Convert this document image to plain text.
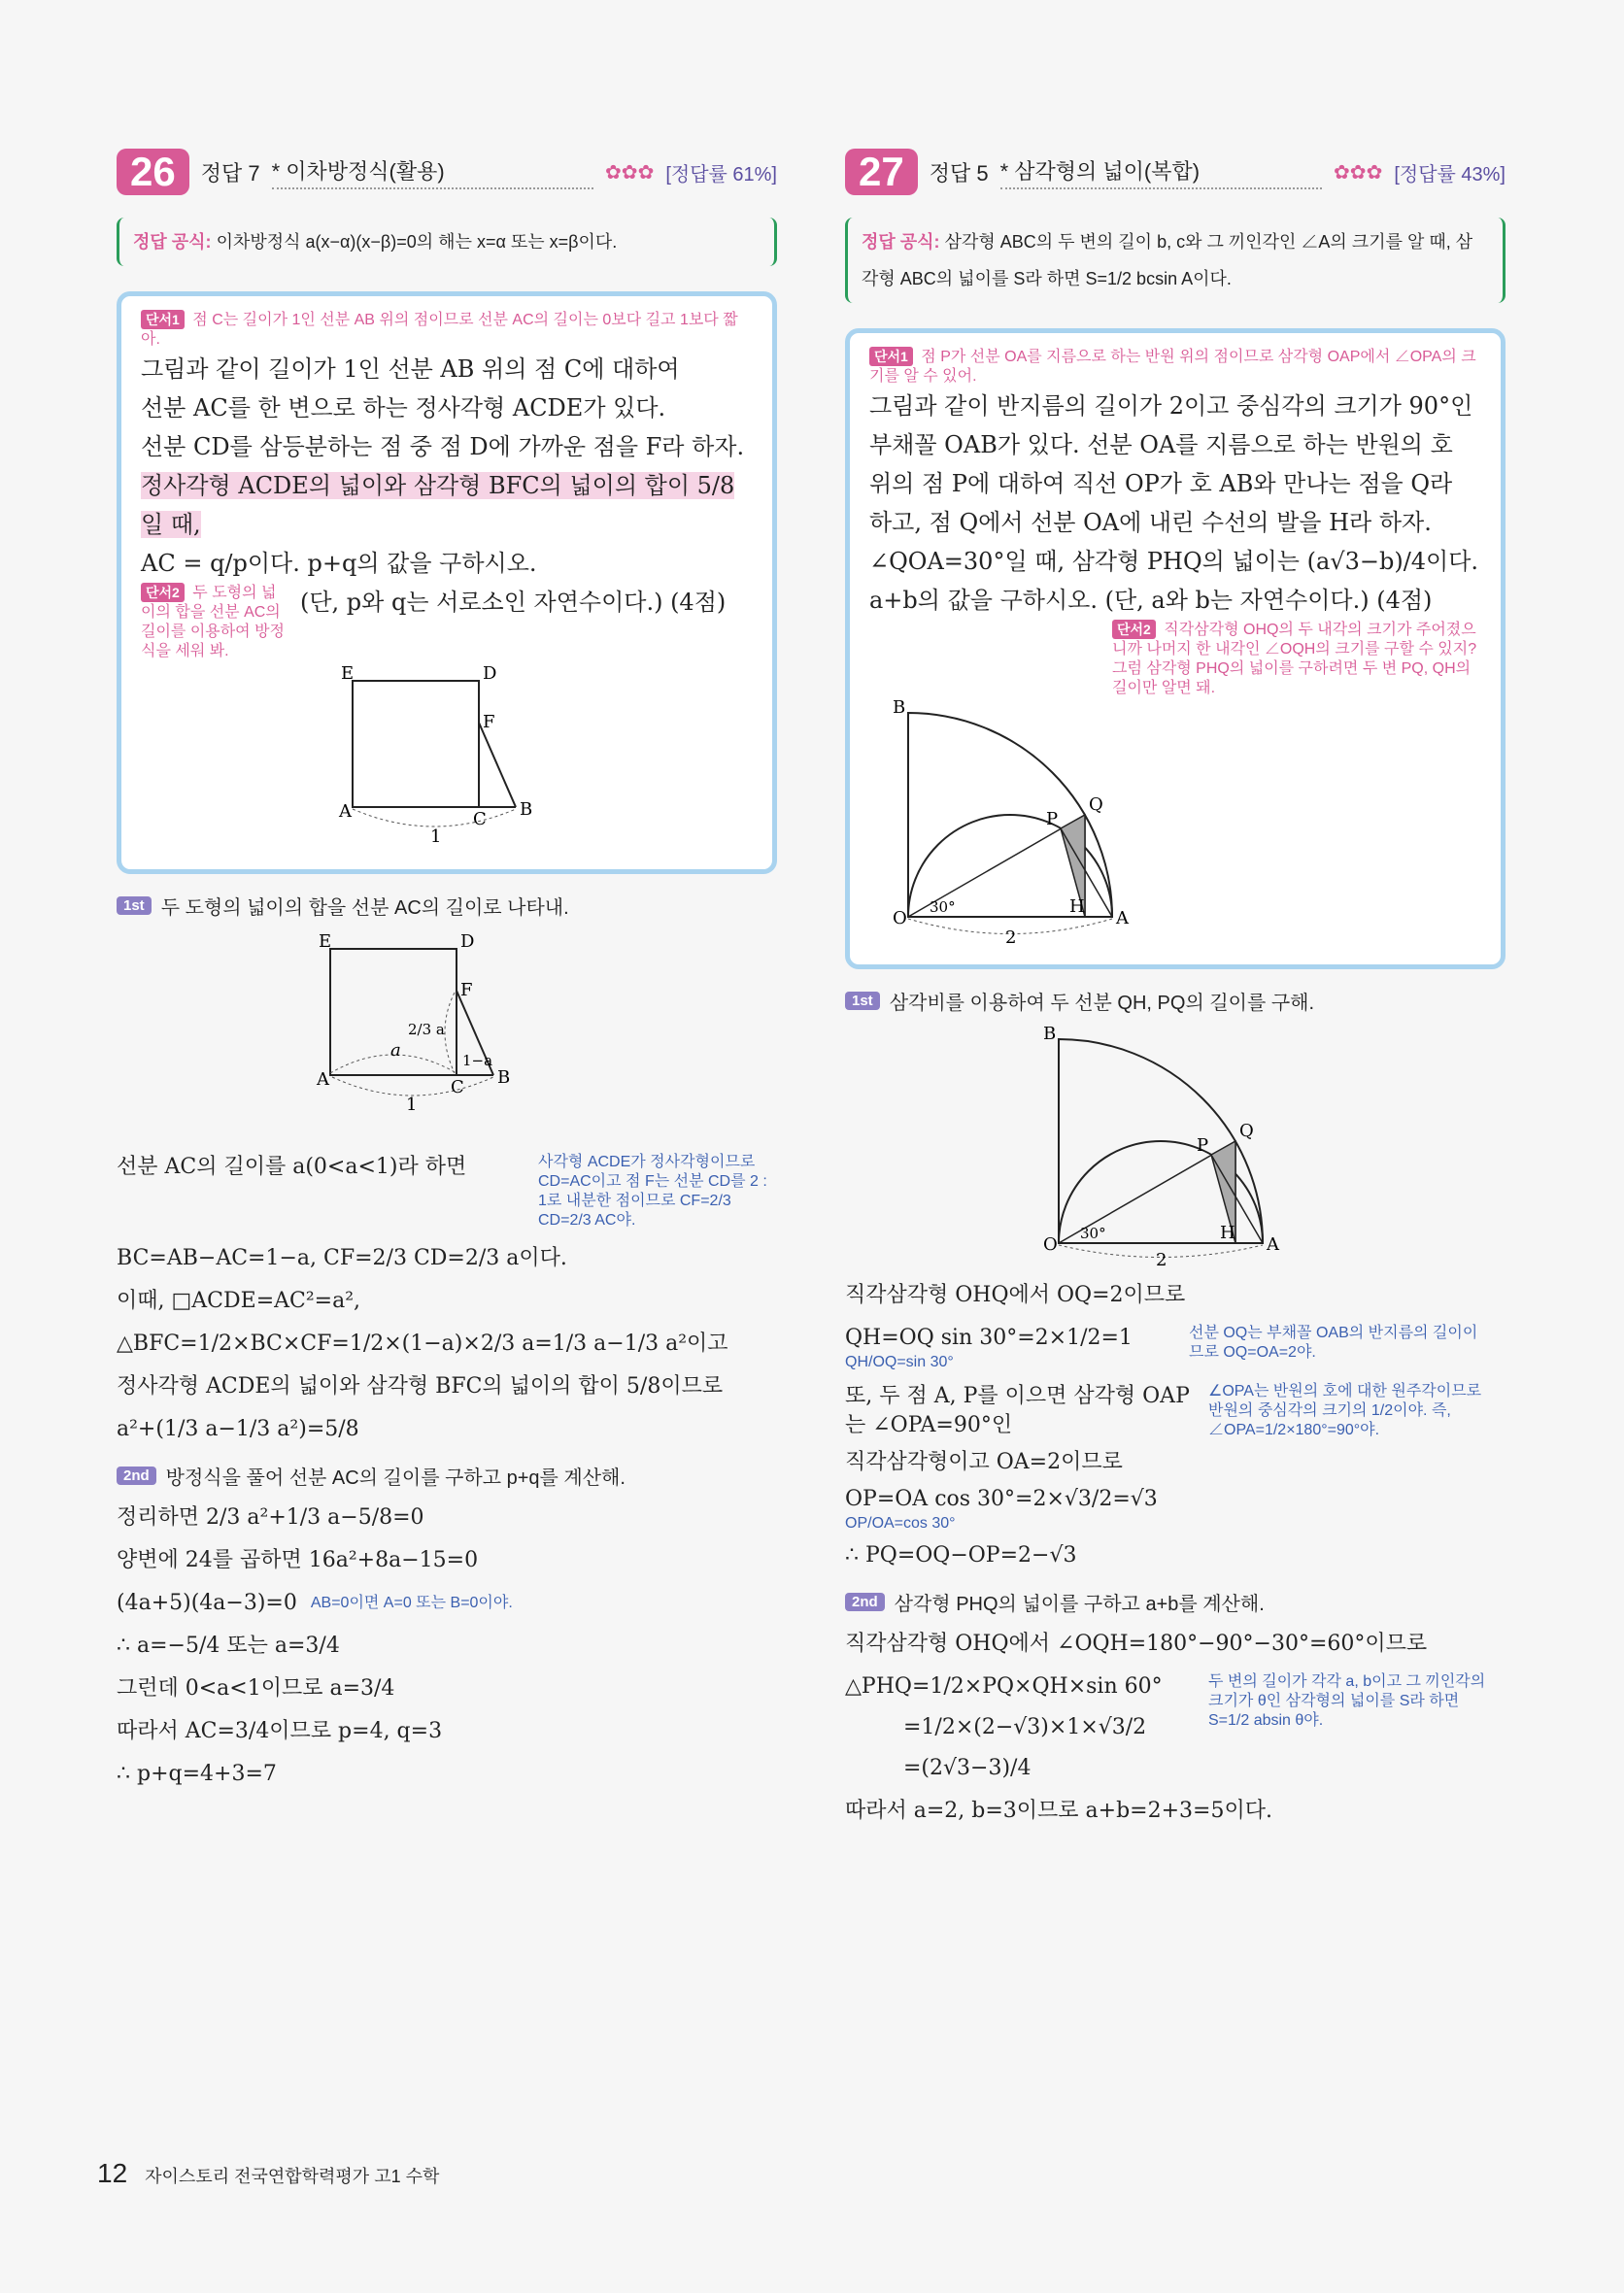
26	정답 7 * 이차방정식(활용)	✿✿✿ [정답률 61%]
정답 공식: 이차방정식 a(x−α)(x−β)=0의 해는 x=α 또는 x=β이다.
단서1 점 C는 길이가 1인 선분 AB 위의 점이므로 선분 AC의 길이는 0보다 길고 1보다 짧아.
그림과 같이 길이가 1인 선분 AB 위의 점 C에 대하여
선분 AC를 한 변으로 하는 정사각형 ACDE가 있다.
선분 CD를 삼등분하는 점 중 점 D에 가까운 점을 F라 하자.
정사각형 ACDE의 넓이와 삼각형 BFC의 넓이의 합이 5/8일 때,
AC = q/p이다. p+q의 값을 구하시오.
단서2 두 도형의 넓이의 합을 선분 AC의 길이를 이용하여 방정식을 세워 봐.
(단, p와 q는 서로소인 자연수이다.) (4점)
E	D
F
A	C B
1
1st 두 도형의 넓이의 합을 선분 AC의 길이로 나타내.
E	D
F
A	C B
a
2/3 a
1−a
1

선분 AC의 길이를 a(0<a<1)라 하면	사각형 ACDE가 정사각형이므로 CD=AC이고 점 F는 선분 CD를 2 : 1로 내분한 점이므로 CF=2/3 CD=2/3 AC야.

BC=AB−AC=1−a, CF=2/3 CD=2/3 a이다.

이때, □ACDE=AC²=a²,

△BFC=1/2×BC×CF=1/2×(1−a)×2/3 a=1/3 a−1/3 a²이고

정사각형 ACDE의 넓이와 삼각형 BFC의 넓이의 합이 5/8이므로

a²+(1/3 a−1/3 a²)=5/8

2nd 방정식을 풀어 선분 AC의 길이를 구하고 p+q를 계산해.

정리하면 2/3 a²+1/3 a−5/8=0

양변에 24를 곱하면 16a²+8a−15=0

(4a+5)(4a−3)=0 AB=0이면 A=0 또는 B=0이야.

∴ a=−5/4 또는 a=3/4

그런데 0<a<1이므로 a=3/4

따라서 AC=3/4이므로 p=4, q=3

∴ p+q=4+3=7

27	정답 5 * 삼각형의 넓이(복합)	✿✿✿ [정답률 43%]
정답 공식: 삼각형 ABC의 두 변의 길이 b, c와 그 끼인각인 ∠A의 크기를 알 때, 삼각형 ABC의 넓이를 S라 하면 S=1/2 bcsin A이다.
단서1 점 P가 선분 OA를 지름으로 하는 반원 위의 점이므로 삼각형 OAP에서 ∠OPA의 크기를 알 수 있어.
그림과 같이 반지름의 길이가 2이고 중심각의 크기가 90°인
부채꼴 OAB가 있다. 선분 OA를 지름으로 하는 반원의 호
위의 점 P에 대하여 직선 OP가 호 AB와 만나는 점을 Q라
하고, 점 Q에서 선분 OA에 내린 수선의 발을 H라 하자.
∠QOA=30°일 때, 삼각형 PHQ의 넓이는 (a√3−b)/4이다.
a+b의 값을 구하시오. (단, a와 b는 자연수이다.) (4점)
단서2 직각삼각형 OHQ의 두 내각의 크기가 주어졌으니까 나머지 한 내각인 ∠OQH의 크기를 구할 수 있지? 그럼 삼각형 PHQ의 넓이를 구하려면 두 변 PQ, QH의 길이만 알면 돼.
B
P
Q
O
H
A
30°
2
1st 삼각비를 이용하여 두 선분 QH, PQ의 길이를 구해.
B
P
Q
O
H
A
30°
2

직각삼각형 OHQ에서 OQ=2이므로

QH=OQ sin 30°=2×1/2=1

QH/OQ=sin 30°
선분 OQ는 부채꼴 OAB의 반지름의 길이이므로 OQ=OA=2야.

또, 두 점 A, P를 이으면 삼각형 OAP는 ∠OPA=90°인

직각삼각형이고 OA=2이므로

OP=OA cos 30°=2×√3/2=√3

OP/OA=cos 30°

∴ PQ=OQ−OP=2−√3

∠OPA는 반원의 호에 대한 원주각이므로 반원의 중심각의 크기의 1/2이야. 즉, ∠OPA=1/2×180°=90°야.
2nd 삼각형 PHQ의 넓이를 구하고 a+b를 계산해.

직각삼각형 OHQ에서 ∠OQH=180°−90°−30°=60°이므로

△PHQ=1/2×PQ×QH×sin 60°

=1/2×(2−√3)×1×√3/2

=(2√3−3)/4

두 변의 길이가 각각 a, b이고 그 끼인각의 크기가 θ인 삼각형의 넓이를 S라 하면 S=1/2 absin θ야.

따라서 a=2, b=3이므로 a+b=2+3=5이다.

12 자이스토리 전국연합학력평가 고1 수학
